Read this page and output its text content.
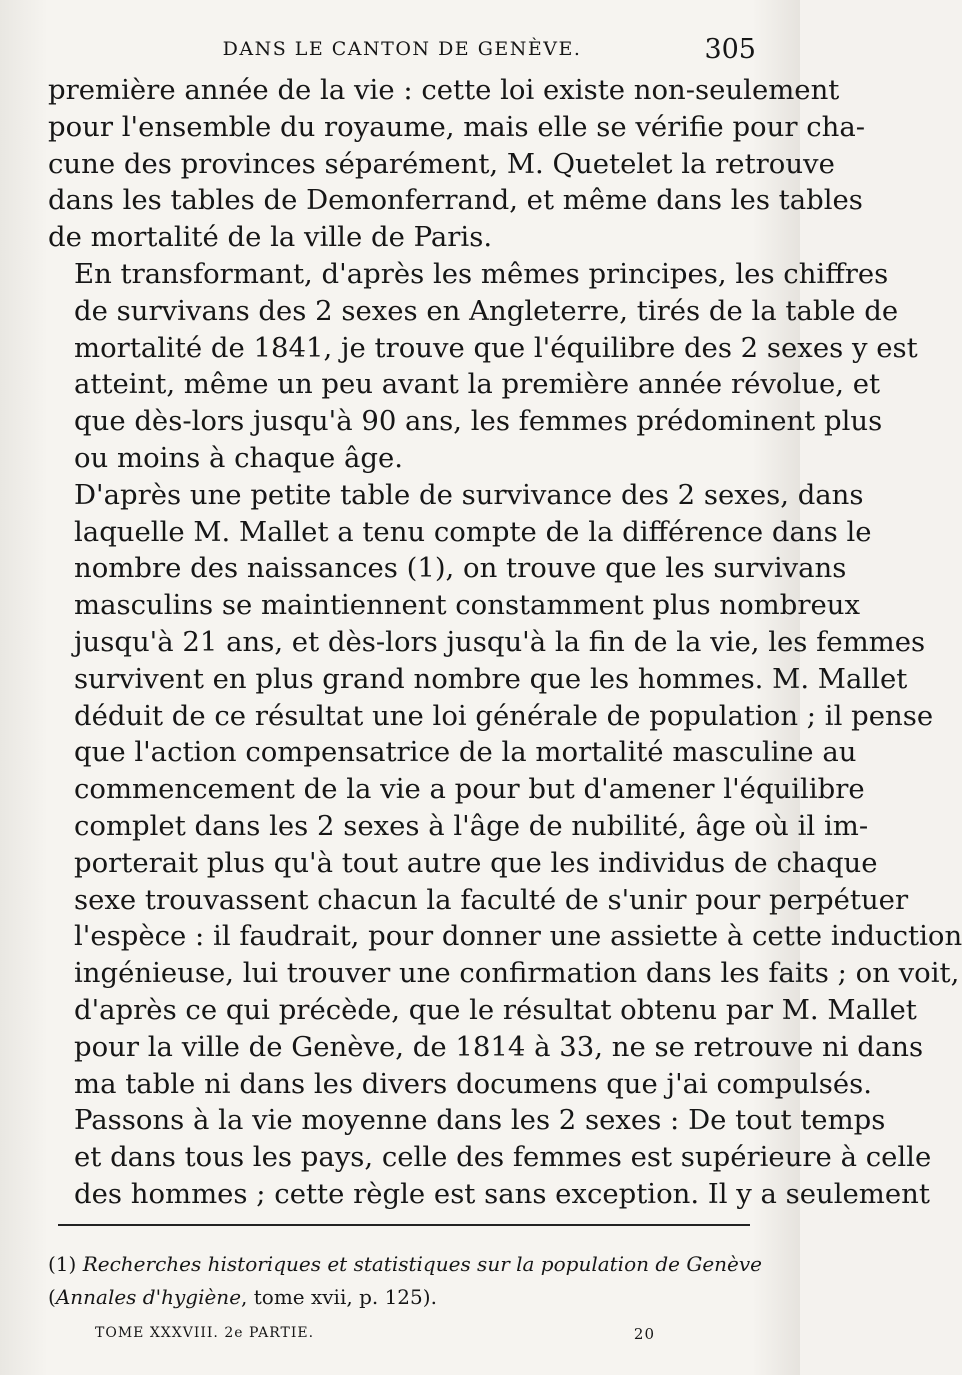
DANS LE CANTON DE GENÈVE.	305

première année de la vie : cette loi existe non-seulement
pour l'ensemble du royaume, mais elle se vérifie pour cha-
cune des provinces séparément, M. Quetelet la retrouve
dans les tables de Demonferrand, et même dans les tables
de mortalité de la ville de Paris.

En transformant, d'après les mêmes principes, les chiffres
de survivans des 2 sexes en Angleterre, tirés de la table de
mortalité de 1841, je trouve que l'équilibre des 2 sexes y est
atteint, même un peu avant la première année révolue, et
que dès-lors jusqu'à 90 ans, les femmes prédominent plus
ou moins à chaque âge.

D'après une petite table de survivance des 2 sexes, dans
laquelle M. Mallet a tenu compte de la différence dans le
nombre des naissances (1), on trouve que les survivans
masculins se maintiennent constamment plus nombreux
jusqu'à 21 ans, et dès-lors jusqu'à la fin de la vie, les femmes
survivent en plus grand nombre que les hommes. M. Mallet
déduit de ce résultat une loi générale de population ; il pense
que l'action compensatrice de la mortalité masculine au
commencement de la vie a pour but d'amener l'équilibre
complet dans les 2 sexes à l'âge de nubilité, âge où il im-
porterait plus qu'à tout autre que les individus de chaque
sexe trouvassent chacun la faculté de s'unir pour perpétuer
l'espèce : il faudrait, pour donner une assiette à cette induction
ingénieuse, lui trouver une confirmation dans les faits ; on voit,
d'après ce qui précède, que le résultat obtenu par M. Mallet
pour la ville de Genève, de 1814 à 33, ne se retrouve ni dans
ma table ni dans les divers documens que j'ai compulsés.

Passons à la vie moyenne dans les 2 sexes : De tout temps
et dans tous les pays, celle des femmes est supérieure à celle
des hommes ; cette règle est sans exception. Il y a seulement

(1) Recherches historiques et statistiques sur la population de Genève
(Annales d'hygiène, tome xvii, p. 125).
TOME XXXVIII. 2e PARTIE.	20
